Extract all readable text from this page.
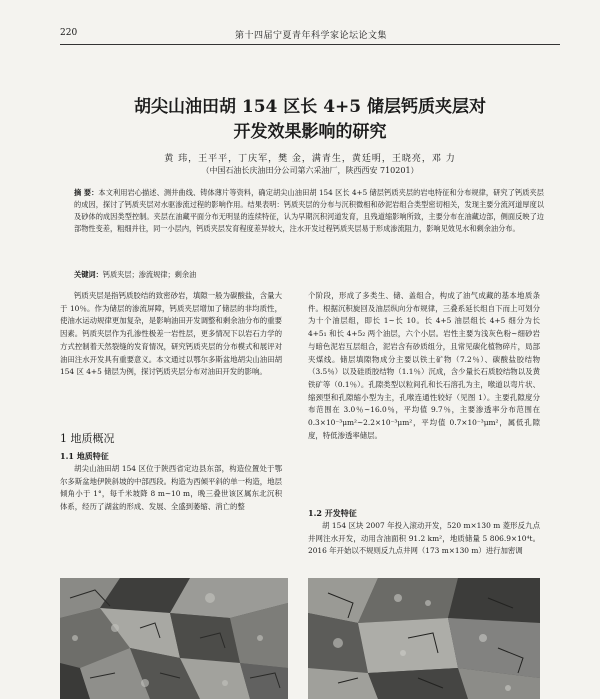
220	第十四届宁夏青年科学家论坛论文集
胡尖山油田胡 154 区长 4+5 储层钙质夹层对
开发效果影响的研究
黄 玮，王平平，丁庆军，樊 金，满青生，黄廷明，王晓亮，邓 力
（中国石油长庆油田分公司第六采油厂，陕西西安 710201）
摘 要：本文利用岩心描述、测井曲线、铸体薄片等资料，确定胡尖山油田胡 154 区长 4+5 储层钙质夹层的岩电特征和分布规律，研究了钙质夹层的成因，探讨了钙质夹层对水驱渗流过程的影响作用。结果表明：钙质夹层的分布与沉积微相和砂泥岩组合类型密切相关，发现主要分流河道厚度以及砂体的成因类型控制。夹层在油藏平面分布无明显的连续特征，认为早期沉积河道发育，且残道缩影响所致，主要分布在油藏边部，侧面反映了边部物性变差，粗细并往，同一小层内，钙质夹层发育程度差异较大，注水开发过程钙质夹层易于形成渗流阻力，影响见效见水和剩余油分布。
关键词：钙质夹层；渗流规律；剩余油

钙质夹层是指钙质胶结的致密砂岩，填隙一般为碳酸盐，含量大于 10％。作为储层的渗流屏障，钙质夹层增加了储层的非均质性，使油水运动规律更加复杂，是影响油田开发调整和剩余油分布的重要因素。钙质夹层作为孔渗性极差一岩性层，更多情况下以岩石力学的方式控制着天然裂缝的发育情况，研究钙质夹层的分布模式和展评对油田注水开发具有重要意义。本文通过以鄂尔多斯盆地胡尖山油田胡 154 区 4+5 储层为例，探讨钙质夹层分布对油田开发的影响。

1 地质概况
1.1 地质特征

胡尖山油田胡 154 区位于陕西省定边县东部，构造位置处于鄂尔多斯盆地伊陕斜坡的中部西段。构造为西倾平斜的单一构造，地层倾角小于 1°，每千米坡降 8 m~10 m，晚三叠世该区属东北沉积体系，经历了湖盆的形成、发展、全盛到萎缩、消亡的整

个阶段，形成了多类生、储、盖组合，构成了油气成藏的基本地质条件。根据沉积旋回及油层纵向分布规律，三叠系延长组自下而上可划分为十个油层组，即长 1~长 10。长 4+5 油层组长 4+5 细分为长 4+5₁ 和长 4+5₂ 两个油层，六个小层。岩性主要为浅灰色粉~细砂岩与暗色泥岩互层组合，泥岩含有砂质组分，且常见碳化植物碎片，局部夹煤线。储层填隙物成分主要以铁土矿物（7.2％）、碳酸盐胶结物（3.5％）以及硅质胶结物（1.1％）沉成，含少量长石质胶结物以及黄铁矿等（0.1％）。孔隙类型以粒间孔和长石溶孔为主，喉道以弯片状、缩颈型和孔隙缩小型为主，孔喉连通性较好（见图 1）。主要孔隙度分布范围在 3.0％~16.0％，平均值 9.7％，主要渗透率分布范围在 0.3×10⁻³μm²~2.2×10⁻³μm²，平均值 0.7×10⁻³μm²，属低孔隙度，特低渗透率储层。

1.2 开发特征

胡 154 区块 2007 年投入滚动开发，520 m×130 m 菱形反九点井网注水开发，动用含油面积 91.2 km²，地质储量 5 806.9×10⁴t。2016 年开始以不规则反九点井网（173 m×130 m）进行加密调
